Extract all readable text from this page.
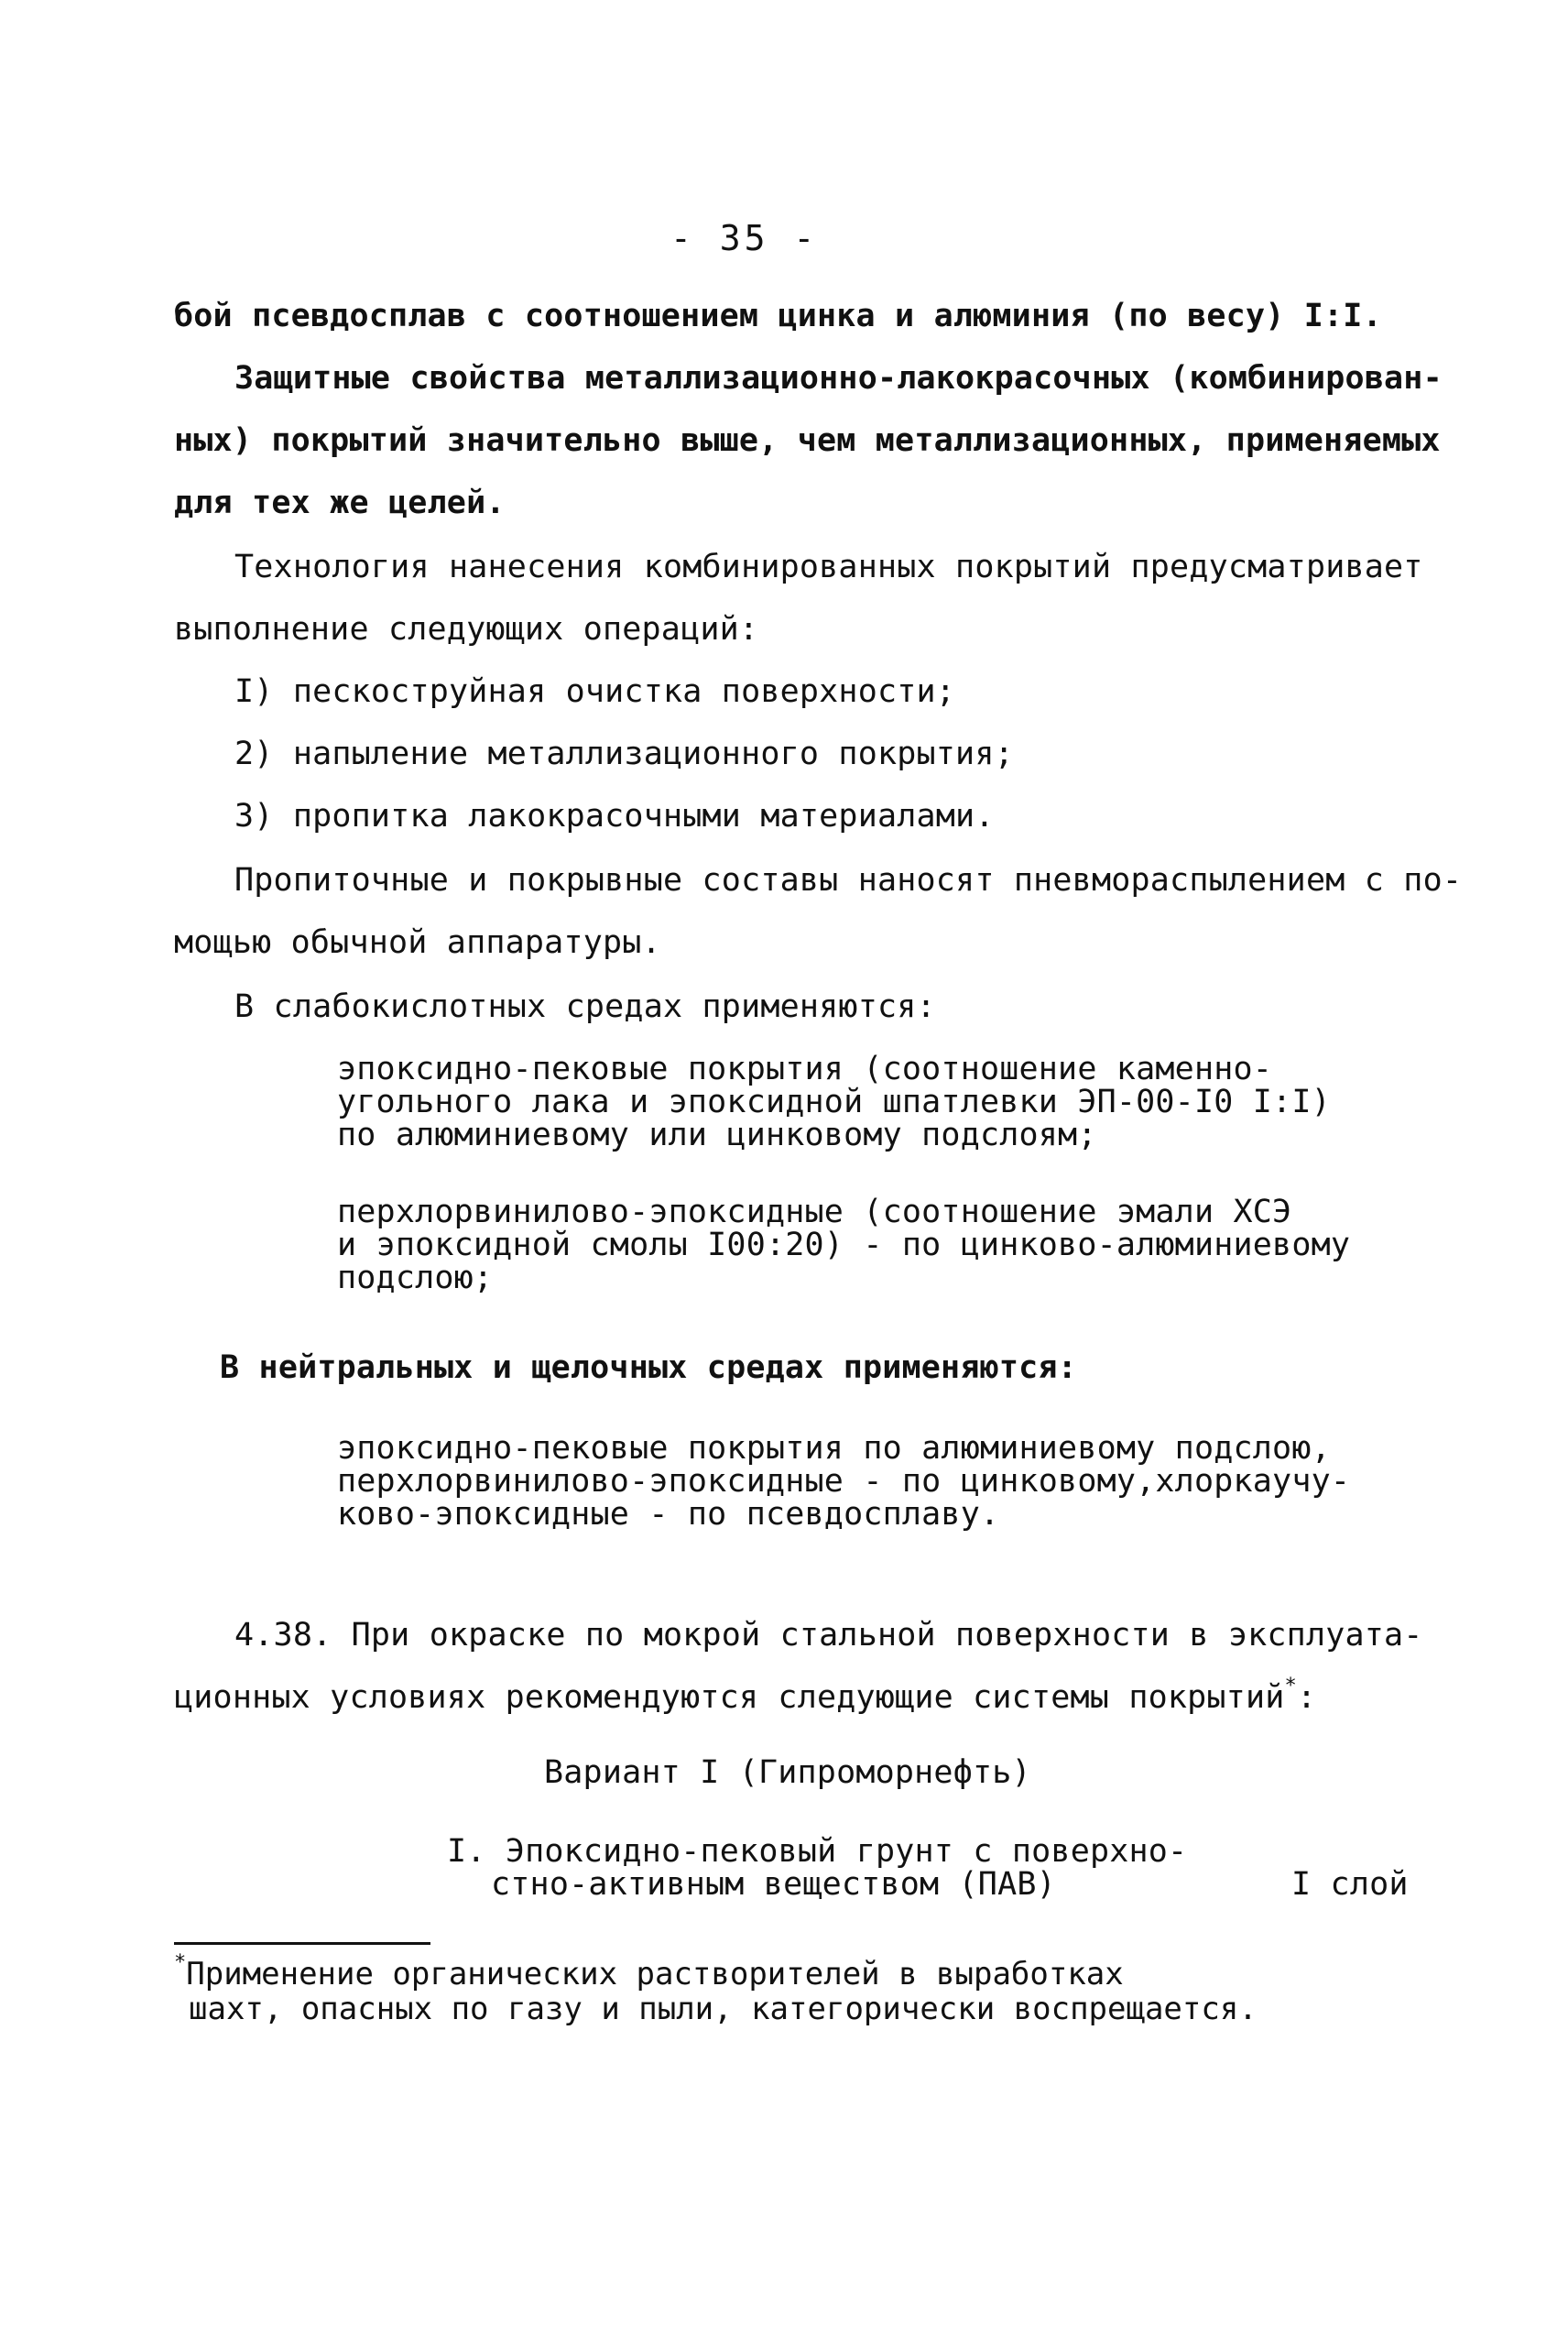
- 35 -
бой псевдосплав с соотношением цинка и алюминия (по весу) I:I.
Защитные свойства металлизационно-лакокрасочных (комбинирован-
ных) покрытий значительно выше, чем металлизационных, применяемых
для тех же целей.
Технология нанесения комбинированных покрытий предусматривает
выполнение следующих операций:
I) пескоструйная очистка поверхности;
2) напыление металлизационного покрытия;
3) пропитка лакокрасочными материалами.
Пропиточные и покрывные составы наносят пневмораспылением с по-
мощью обычной аппаратуры.
В слабокислотных средах применяются:
эпоксидно-пековые покрытия (соотношение каменно-
угольного лака и эпоксидной шпатлевки ЭП-00-I0 I:I)
по алюминиевому или цинковому подслоям;
перхлорвинилово-эпоксидные (соотношение эмали ХСЭ
и эпоксидной смолы I00:20) - по цинково-алюминиевому
подслою;
В нейтральных и щелочных средах применяются:
эпоксидно-пековые покрытия по алюминиевому подслою,
перхлорвинилово-эпоксидные - по цинковому,хлоркаучу-
ково-эпоксидные - по псевдосплаву.
4.38. При окраске по мокрой стальной поверхности в эксплуата-
ционных условиях рекомендуются следующие системы покрытий*:
Вариант I (Гипроморнефть)
I. Эпоксидно-пековый грунт с поверхно-
стно-активным веществом (ПАВ)	I слой
*Применение органических растворителей в выработках
шахт, опасных по газу и пыли, категорически воспрещается.
